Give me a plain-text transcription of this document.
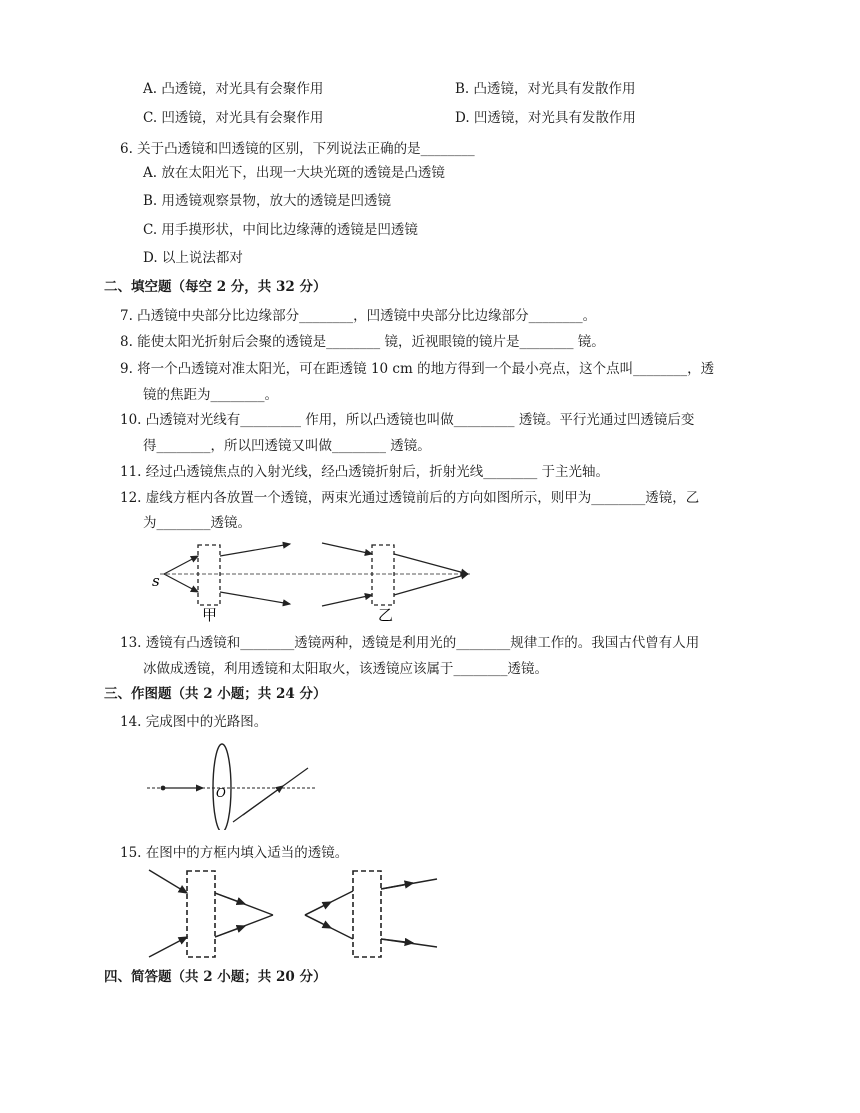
A. 凸透镜，对光具有会聚作用	B. 凸透镜，对光具有发散作用
C. 凹透镜，对光具有会聚作用	D. 凹透镜，对光具有发散作用
6. 关于凸透镜和凹透镜的区别，下列说法正确的是________
A. 放在太阳光下，出现一大块光斑的透镜是凸透镜
B. 用透镜观察景物，放大的透镜是凹透镜
C. 用手摸形状，中间比边缘薄的透镜是凹透镜
D. 以上说法都对
二、填空题（每空 2 分，共 32 分）
7. 凸透镜中央部分比边缘部分________，凹透镜中央部分比边缘部分________。
8. 能使太阳光折射后会聚的透镜是________ 镜，近视眼镜的镜片是________ 镜。
9. 将一个凸透镜对准太阳光，可在距透镜 10 cm 的地方得到一个最小亮点，这个点叫________，透
镜的焦距为________。
10. 凸透镜对光线有_________ 作用，所以凸透镜也叫做_________ 透镜。平行光通过凹透镜后变
得________，所以凹透镜又叫做________ 透镜。
11. 经过凸透镜焦点的入射光线，经凸透镜折射后，折射光线________ 于主光轴。
12. 虚线方框内各放置一个透镜，两束光通过透镜前后的方向如图所示，则甲为________透镜，乙
为________透镜。
s
甲	乙
13. 透镜有凸透镜和________透镜两种，透镜是利用光的________规律工作的。我国古代曾有人用
冰做成透镜，利用透镜和太阳取火，该透镜应该属于________透镜。
三、作图题（共 2 小题；共 24 分）
14. 完成图中的光路图。
O
15. 在图中的方框内填入适当的透镜。
四、简答题（共 2 小题；共 20 分）
